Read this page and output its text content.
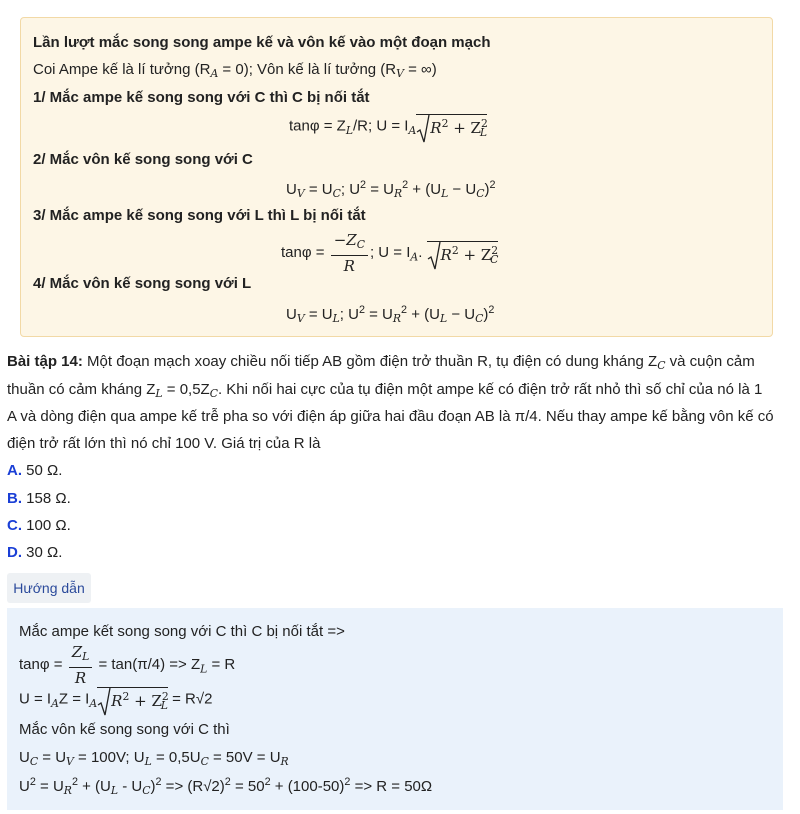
Lần lượt mắc song song ampe kế và vôn kế vào một đoạn mạch
Coi Ampe kế là lí tưởng $(R_A = 0)$; Vôn kế là lí tưởng ($R_V$ = ∞)
1/ Mắc ampe kế song song với C thì C bị nối tắt
$\tan\varphi = Z_L/R$; $U = I_A$ $R^2 + Z^2_L$
2/ Mắc vôn kế song song với C
$U_V = U_C$; $U^2 = U_R^2 + (U_L - U_C)^2$
3/ Mắc ampe kế song song với L thì L bị nối tắt
$\tan\varphi = \frac{-Z_C}{R}$ ; $U = I_A$.
$R^2 + Z^2_C$
4/ Mắc vôn kế song song với L
$U_V = U_L$; $U^2 = U_R^2 + (U_L - U_C)^2$
Bài tập 14: Một đoạn mạch xoay chiều nối tiếp AB gồm điện trở thuần R, tụ điện có dung kháng $Z_C$ và cuộn cảm
thuần có cảm kháng $Z_L = 0,5Z_C$. Khi nối hai cực của tụ điện một ampe kế có điện trở rất nhỏ thì số chỉ của nó là 1
A và dòng điện qua ampe kế trễ pha so với điện áp giữa hai đầu đoạn AB là π/4. Nếu thay ampe kế bằng vôn kế có
điện trở rất lớn thì nó chỉ 100 V. Giá trị của R là
A. 50 Ω.
B. 158 Ω.
C. 100 Ω.
D. 30 Ω.
Hướng dẫn
Mắc ampe kết song song với C thì C bị nối tắt =>
$\tan\varphi = \frac{Z_L}{R} = \tan(\pi/4) => Z_L = R$
$U = I_AZ = I_A$ $R^2 + Z^2_L = R√2$
Mắc vôn kế song song với C thì
$U_C = U_V = 100V$; $U_L = 0,5U_C = 50V = U_R$
$U^2 = U_R^2 + (U_L - U_C)^2 => (R√2)^2 = 50^2 + (100-50)^2 => R = 50\Omega$
